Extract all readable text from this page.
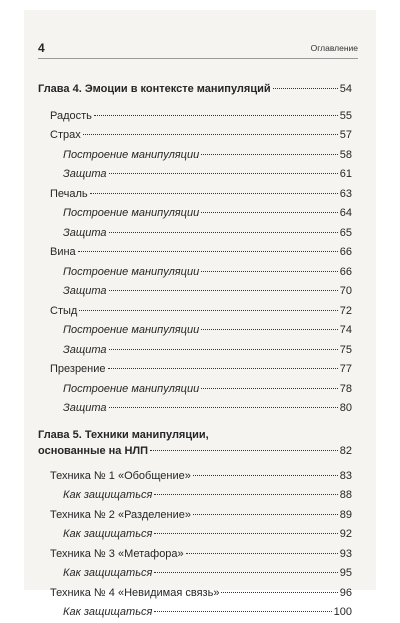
4	Оглавление
Глава 4. Эмоции в контексте манипуляций	54
Радость	55
Страх	57
Построение манипуляции	58
Защита	61
Печаль	63
Построение манипуляции	64
Защита	65
Вина	66
Построение манипуляции	66
Защита	70
Стыд	72
Построение манипуляции	74
Защита	75
Презрение	77
Построение манипуляции	78
Защита	80
Глава 5. Техники манипуляции,
основанные на НЛП	82
Техника № 1 «Обобщение»	83
Как защищаться	88
Техника № 2 «Разделение»	89
Как защищаться	92
Техника № 3 «Метафора»	93
Как защищаться	95
Техника № 4 «Невидимая связь»	96
Как защищаться	100
